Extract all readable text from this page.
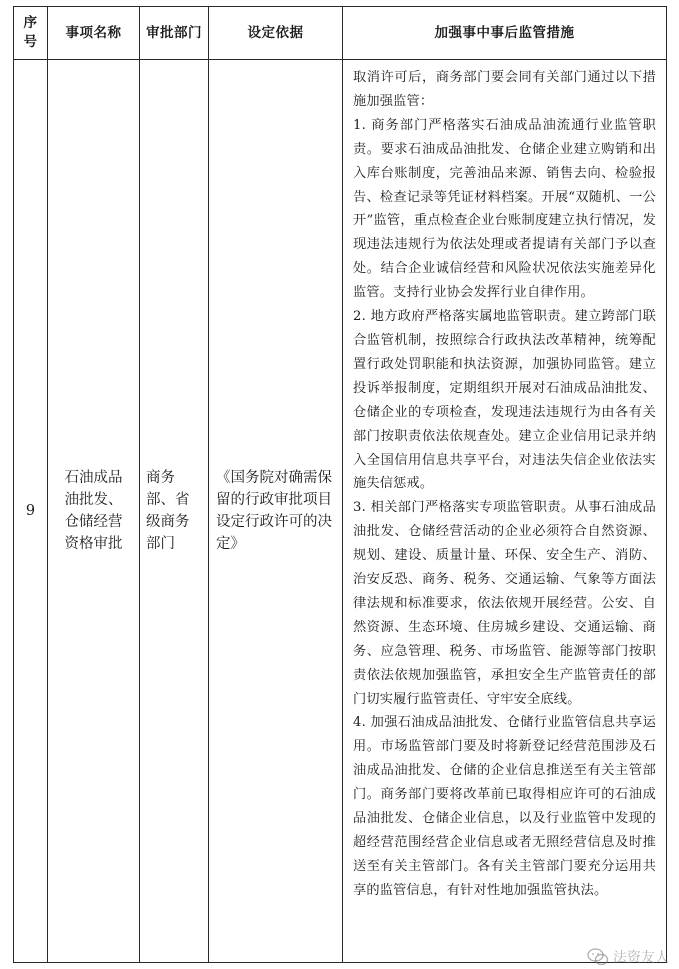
序号	事项名称	审批部门	设定依据	加强事中事后监管措施
9	石油成品油批发、仓储经营资格审批	商务部、省级商务部门	《国务院对确需保留的行政审批项目设定行政许可的决定》	取消许可后，商务部门要会同有关部门通过以下措施加强监管：

1. 商务部门严格落实石油成品油流通行业监管职责。要求石油成品油批发、仓储企业建立购销和出入库台账制度，完善油品来源、销售去向、检验报告、检查记录等凭证材料档案。开展“双随机、一公开”监管，重点检查企业台账制度建立执行情况，发现违法违规行为依法处理或者提请有关部门予以查处。结合企业诚信经营和风险状况依法实施差异化监管。支持行业协会发挥行业自律作用。

2. 地方政府严格落实属地监管职责。建立跨部门联合监管机制，按照综合行政执法改革精神，统筹配置行政处罚职能和执法资源，加强协同监管。建立投诉举报制度，定期组织开展对石油成品油批发、仓储企业的专项检查，发现违法违规行为由各有关部门按职责依法依规查处。建立企业信用记录并纳入全国信用信息共享平台，对违法失信企业依法实施失信惩戒。

3. 相关部门严格落实专项监管职责。从事石油成品油批发、仓储经营活动的企业必须符合自然资源、规划、建设、质量计量、环保、安全生产、消防、治安反恐、商务、税务、交通运输、气象等方面法律法规和标准要求，依法依规开展经营。公安、自然资源、生态环境、住房城乡建设、交通运输、商务、应急管理、税务、市场监管、能源等部门按职责依法依规加强监管，承担安全生产监管责任的部门切实履行监管责任、守牢安全底线。

4. 加强石油成品油批发、仓储行业监管信息共享运用。市场监管部门要及时将新登记经营范围涉及石油成品油批发、仓储的企业信息推送至有关主管部门。商务部门要将改革前已取得相应许可的石油成品油批发、仓储企业信息，以及行业监管中发现的超经营范围经营企业信息或者无照经营信息及时推送至有关主管部门。各有关主管部门要充分运用共享的监管信息，有针对性地加强监管执法。

法资友人
